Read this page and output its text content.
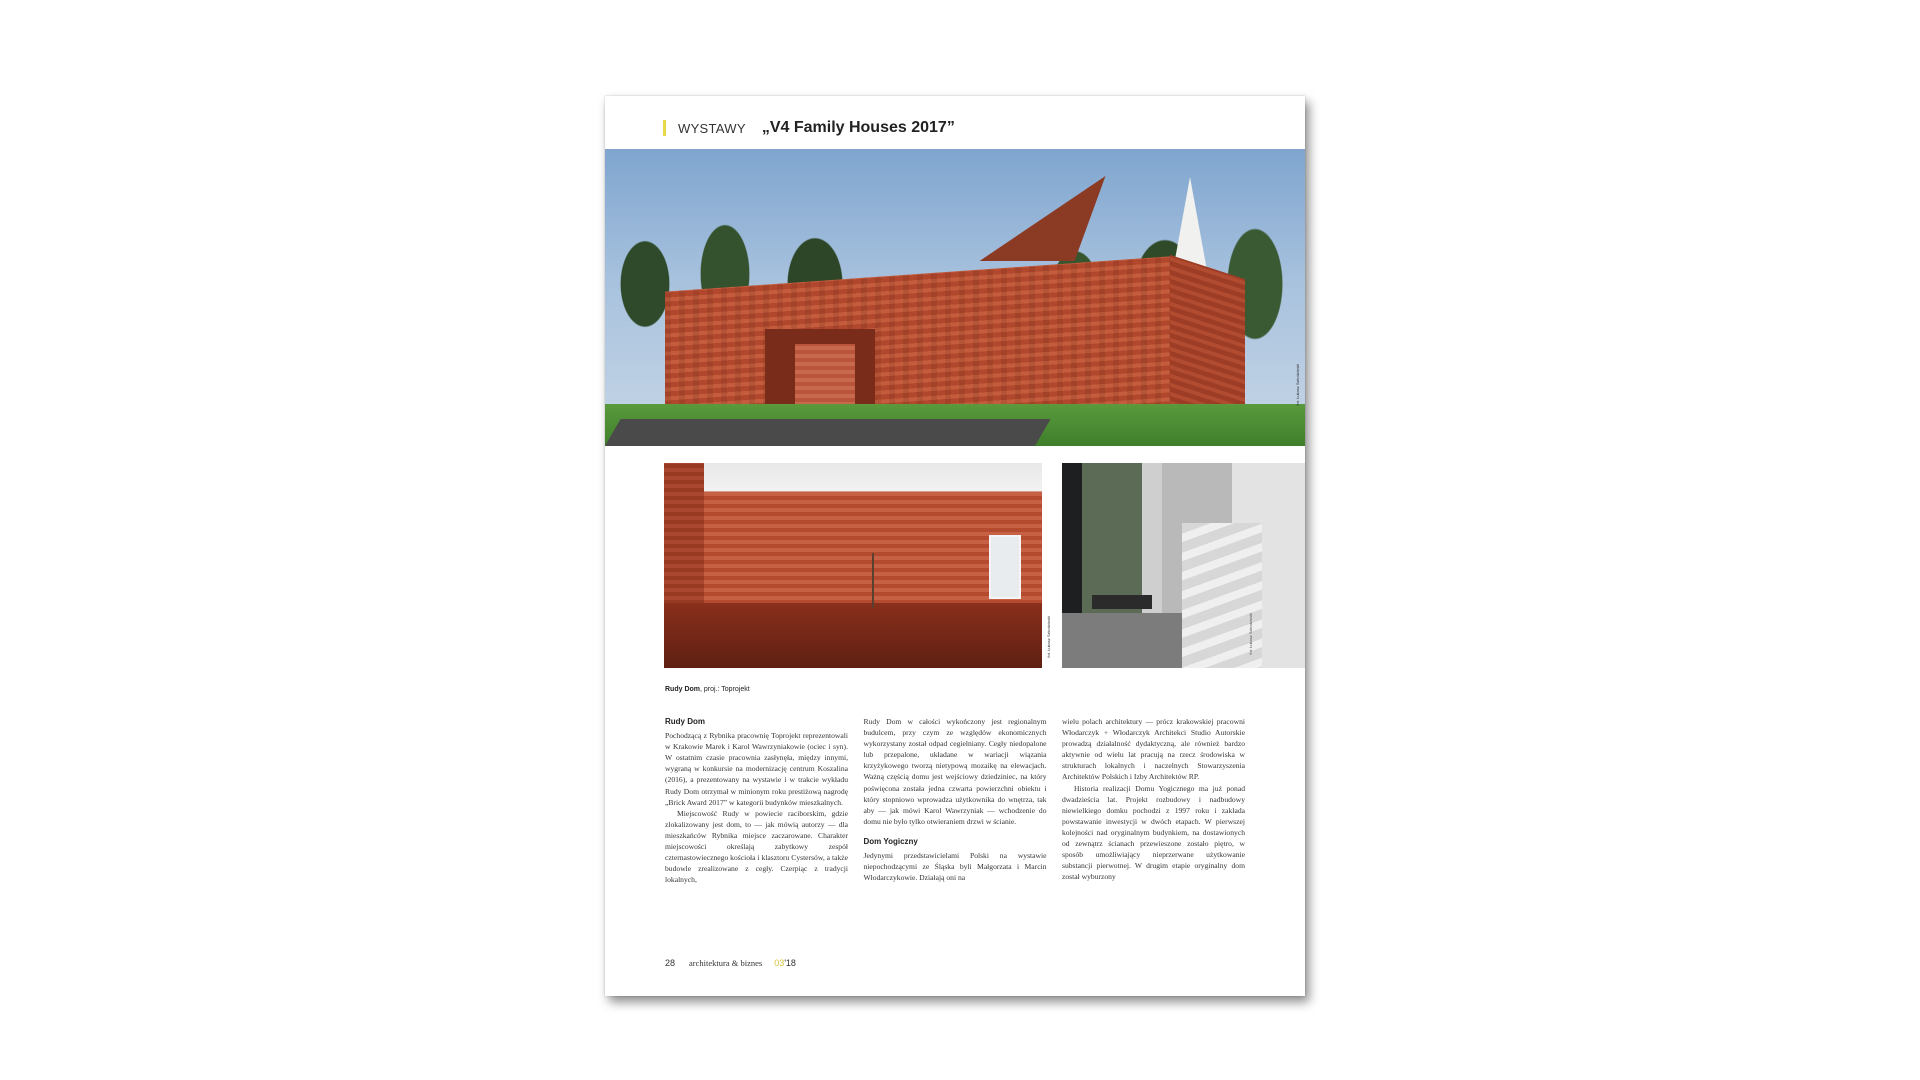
WYSTAWY „V4 Family Houses 2017”
fot. Łukasz Szkodzinski
fot. Łukasz Szkodzinski	fot. Łukasz Szkodzinski
Rudy Dom, proj.: Toprojekt
Rudy Dom

Pochodzącą z Rybnika pracownię Toprojekt reprezentowali w Krakowie Marek i Karol Wawrzyniakowie (ociec i syn). W ostatnim czasie pracownia zasłynęła, między innymi, wygraną w konkursie na modernizację centrum Koszalina (2016), a prezentowany na wystawie i w trakcie wykładu Rudy Dom otrzymał w minionym roku prestiżową nagrodę „Brick Award 2017” w kategorii budynków mieszkalnych.

Miejscowość Rudy w powiecie raciborskim, gdzie zlokalizowany jest dom, to — jak mówią autorzy — dla mieszkańców Rybnika miejsce zaczarowane. Charakter miejscowości określają zabytkowy zespół czternastowiecznego kościoła i klasztoru Cystersów, a także budowle zrealizowane z cegły. Czerpiąc z tradycji lokalnych,

Rudy Dom w całości wykończony jest regionalnym budulcem, przy czym ze względów ekonomicznych wykorzystany został odpad cegielniany. Cegły niedopalone lub przepalone, układane w wariacji wiązania krzyżykowego tworzą nietypową mozaikę na elewacjach. Ważną częścią domu jest wejściowy dziedziniec, na który poświęcona została jedna czwarta powierzchni obiektu i który stopniowo wprowadza użytkownika do wnętrza, tak aby — jak mówi Karol Wawrzyniak — wchodzenie do domu nie było tylko otwieraniem drzwi w ścianie.

Dom Yogiczny

Jedynymi przedstawicielami Polski na wystawie niepochodzącymi ze Śląska byli Małgorzata i Marcin Włodarczykowie. Działają oni na

wielu polach architektury — prócz krakowskiej pracowni Włodarczyk + Włodarczyk Architekci Studio Autorskie prowadzą działalność dydaktyczną, ale również bardzo aktywnie od wielu lat pracują na rzecz środowiska w strukturach lokalnych i naczelnych Stowarzyszenia Architektów Polskich i Izby Architektów RP.

Historia realizacji Domu Yogicznego ma już ponad dwadzieścia lat. Projekt rozbudowy i nadbudowy niewielkiego domku pochodzi z 1997 roku i zakłada powstawanie inwestycji w dwóch etapach. W pierwszej kolejności nad oryginalnym budynkiem, na dostawionych od zewnątrz ścianach przewieszone zostało piętro, w sposób umożliwiający nieprzerwane użytkowanie substancji pierwotnej. W drugim etapie oryginalny dom został wyburzony

28 architektura & biznes 03 '18
